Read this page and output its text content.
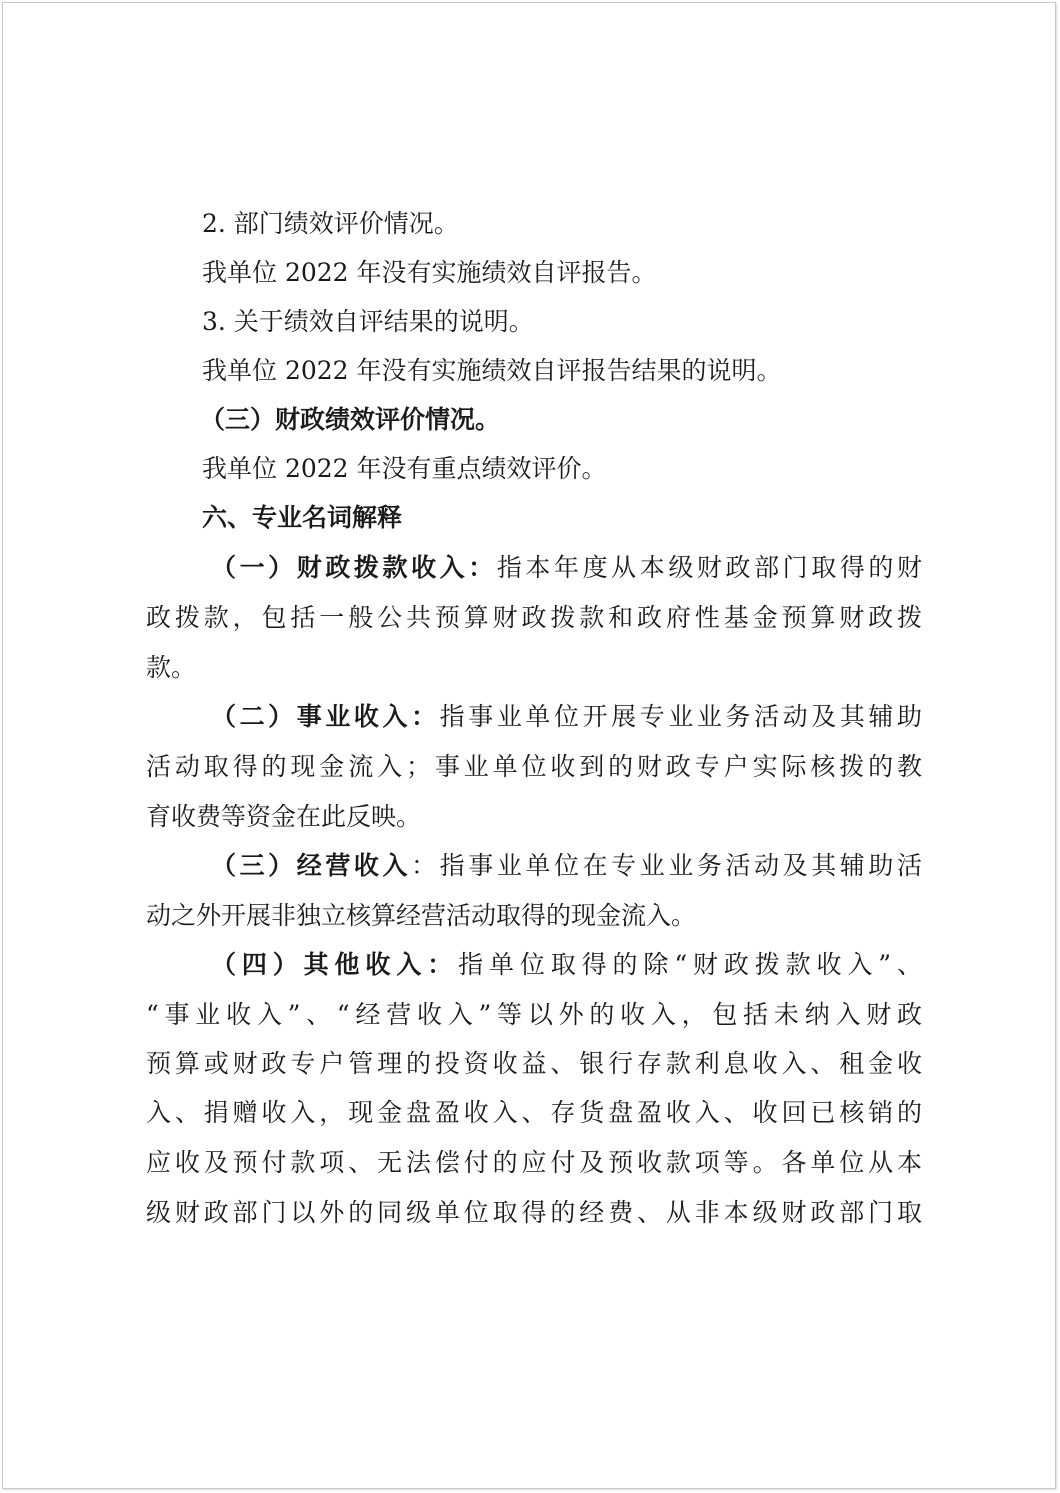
2. 部门绩效评价情况。
我单位 2022 年没有实施绩效自评报告。
3. 关于绩效自评结果的说明。
我单位 2022 年没有实施绩效自评报告结果的说明。
（三）财政绩效评价情况。
我单位 2022 年没有重点绩效评价。
六、专业名词解释
（一）财政拨款收入：指本年度从本级财政部门取得的财
政拨款，包括一般公共预算财政拨款和政府性基金预算财政拨
款。
（二）事业收入：指事业单位开展专业业务活动及其辅助
活动取得的现金流入；事业单位收到的财政专户实际核拨的教
育收费等资金在此反映。
（三）经营收入：指事业单位在专业业务活动及其辅助活
动之外开展非独立核算经营活动取得的现金流入。
（四）其他收入：指单位取得的除“财政拨款收入”、
“事业收入”、“经营收入”等以外的收入，包括未纳入财政
预算或财政专户管理的投资收益、银行存款利息收入、租金收
入、捐赠收入，现金盘盈收入、存货盘盈收入、收回已核销的
应收及预付款项、无法偿付的应付及预收款项等。各单位从本
级财政部门以外的同级单位取得的经费、从非本级财政部门取
